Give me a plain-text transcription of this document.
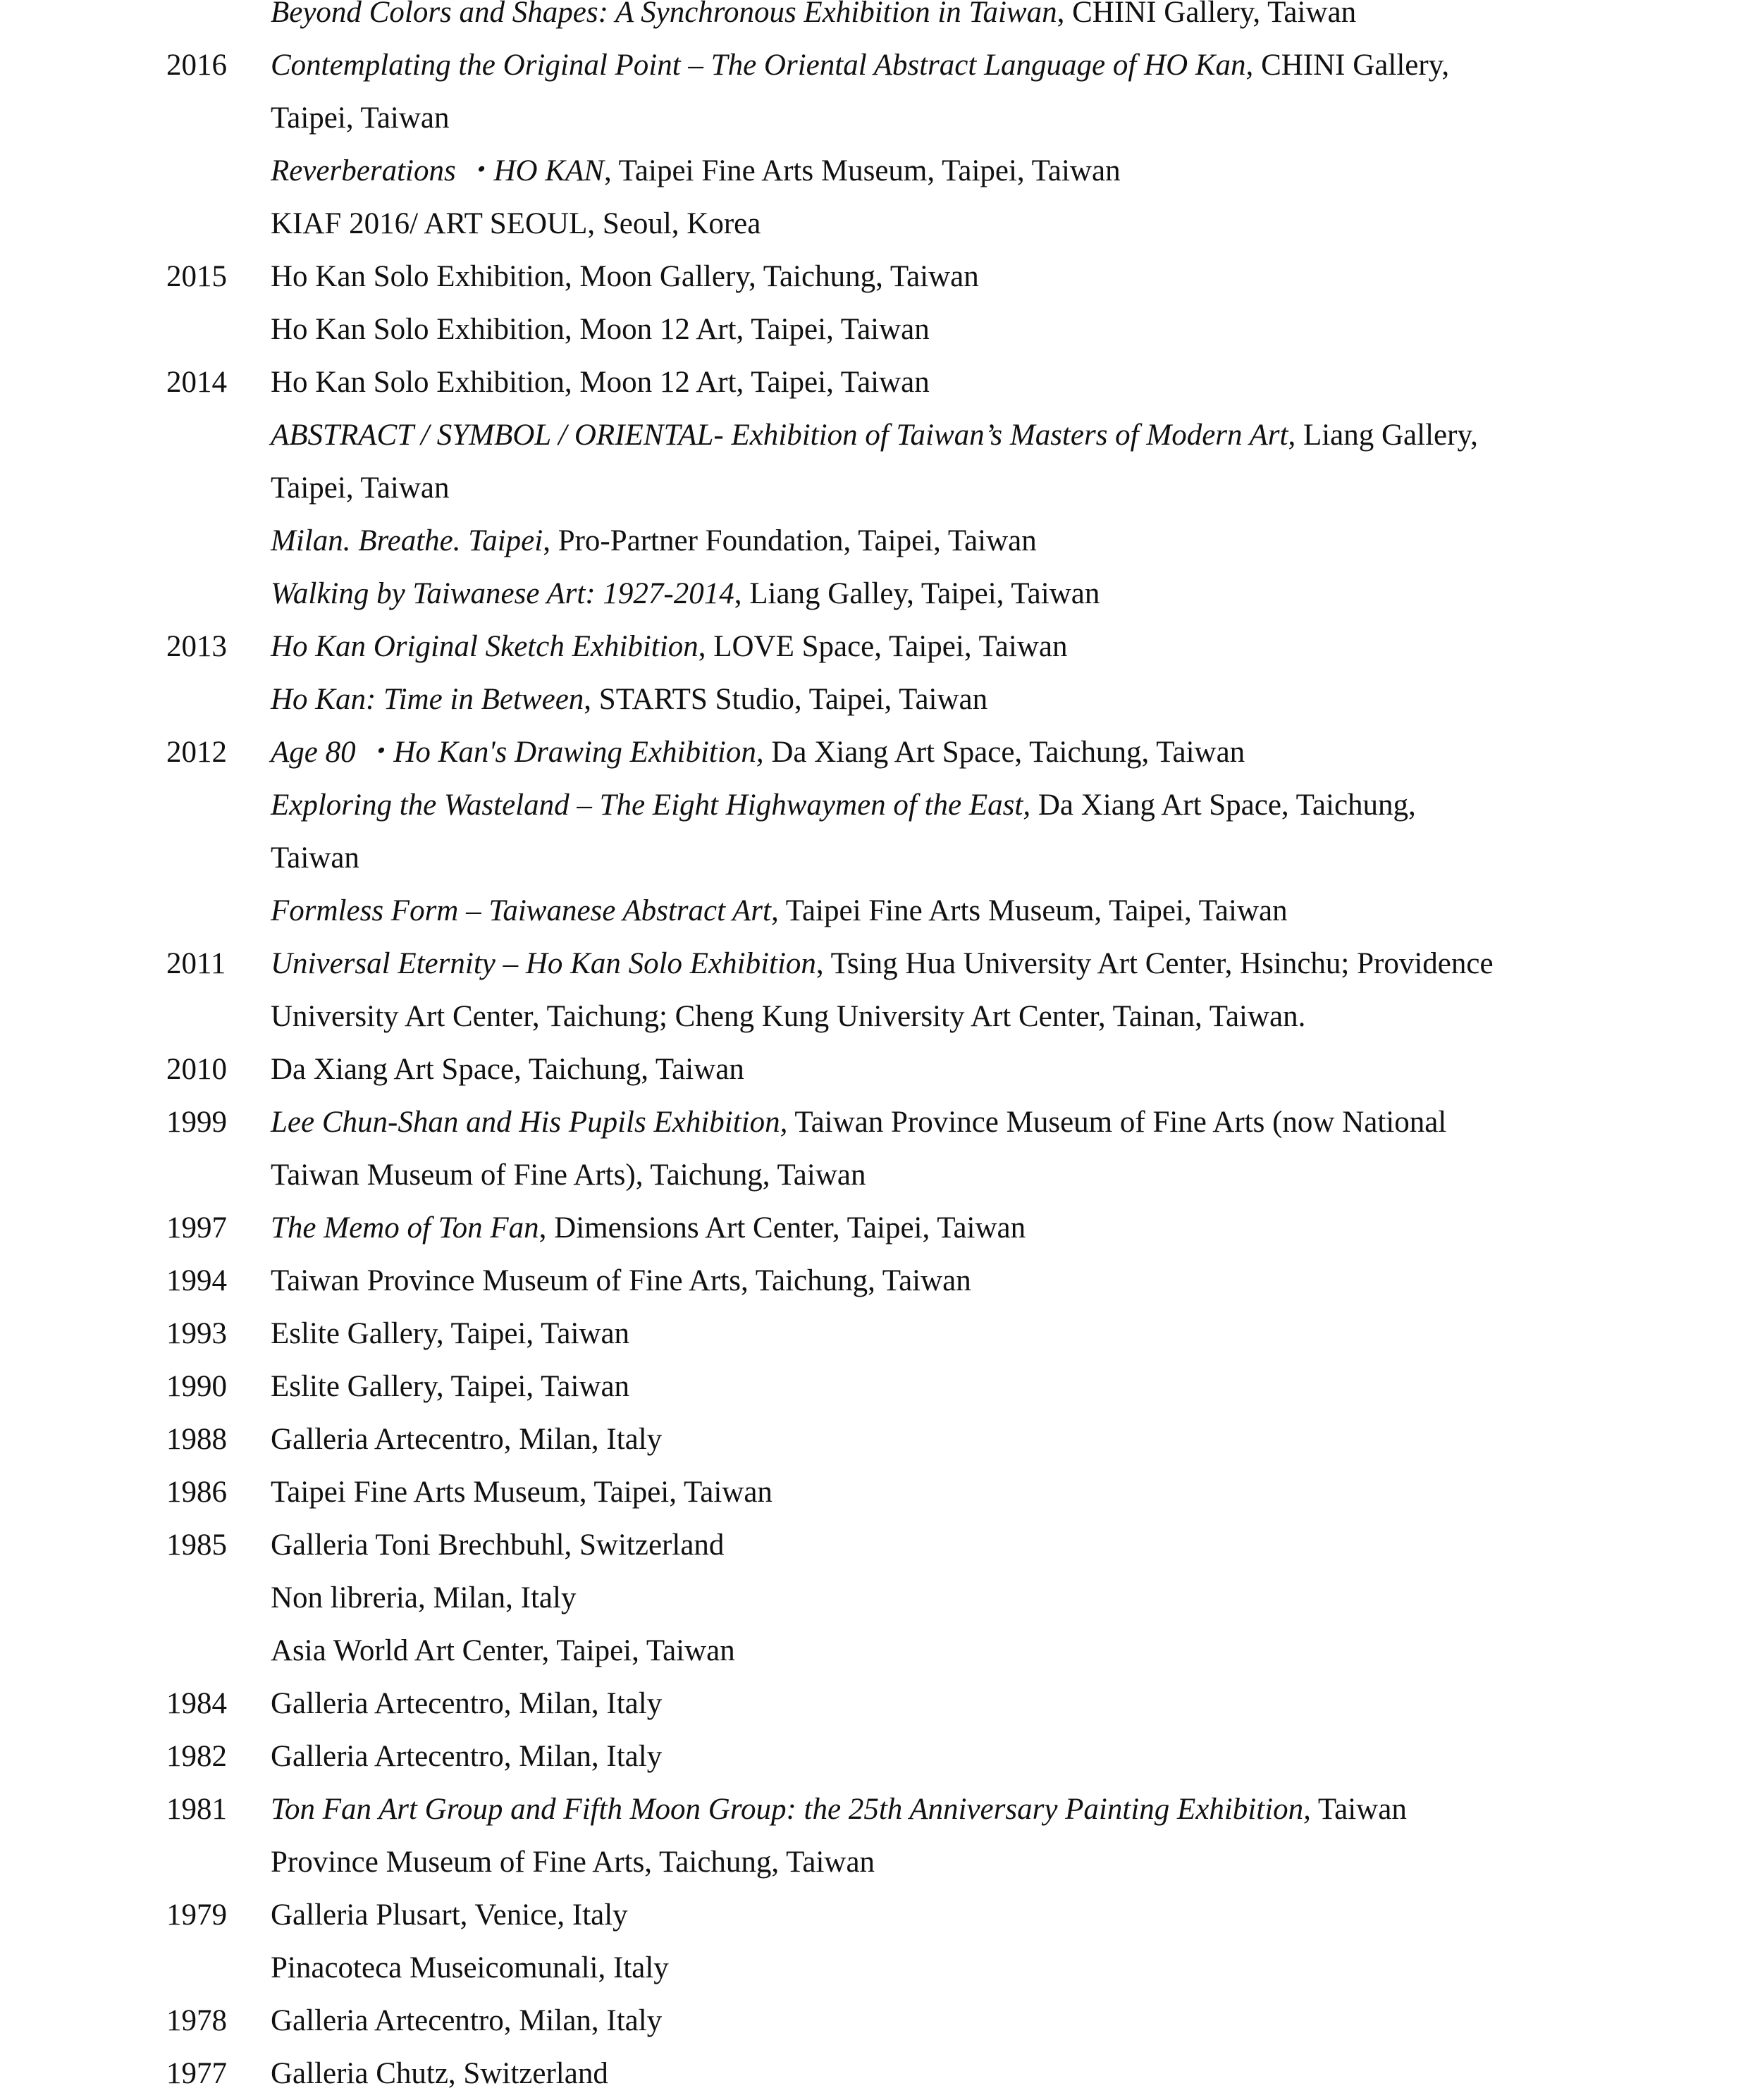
Beyond Colors and Shapes: A Synchronous Exhibition in Taiwan, CHINI Gallery, Taiwan
2016 Contemplating the Original Point – The Oriental Abstract Language of HO Kan, CHINI Gallery,
Taipei, Taiwan
Reverberations ・HO KAN, Taipei Fine Arts Museum, Taipei, Taiwan
KIAF 2016/ ART SEOUL, Seoul, Korea
2015 Ho Kan Solo Exhibition, Moon Gallery, Taichung, Taiwan
Ho Kan Solo Exhibition, Moon 12 Art, Taipei, Taiwan
2014 Ho Kan Solo Exhibition, Moon 12 Art, Taipei, Taiwan
ABSTRACT / SYMBOL / ORIENTAL- Exhibition of Taiwan’s Masters of Modern Art, Liang Gallery,
Taipei, Taiwan
Milan. Breathe. Taipei, Pro-Partner Foundation, Taipei, Taiwan
Walking by Taiwanese Art: 1927-2014, Liang Galley, Taipei, Taiwan
2013 Ho Kan Original Sketch Exhibition, LOVE Space, Taipei, Taiwan
Ho Kan: Time in Between, STARTS Studio, Taipei, Taiwan
2012 Age 80 ・Ho Kan's Drawing Exhibition, Da Xiang Art Space, Taichung, Taiwan
Exploring the Wasteland – The Eight Highwaymen of the East, Da Xiang Art Space, Taichung,
Taiwan
Formless Form – Taiwanese Abstract Art, Taipei Fine Arts Museum, Taipei, Taiwan
2011 Universal Eternity – Ho Kan Solo Exhibition, Tsing Hua University Art Center, Hsinchu; Providence
University Art Center, Taichung; Cheng Kung University Art Center, Tainan, Taiwan.
2010 Da Xiang Art Space, Taichung, Taiwan
1999 Lee Chun-Shan and His Pupils Exhibition, Taiwan Province Museum of Fine Arts (now National
Taiwan Museum of Fine Arts), Taichung, Taiwan
1997 The Memo of Ton Fan, Dimensions Art Center, Taipei, Taiwan
1994 Taiwan Province Museum of Fine Arts, Taichung, Taiwan
1993 Eslite Gallery, Taipei, Taiwan
1990 Eslite Gallery, Taipei, Taiwan
1988 Galleria Artecentro, Milan, Italy
1986 Taipei Fine Arts Museum, Taipei, Taiwan
1985 Galleria Toni Brechbuhl, Switzerland
Non libreria, Milan, Italy
Asia World Art Center, Taipei, Taiwan
1984 Galleria Artecentro, Milan, Italy
1982 Galleria Artecentro, Milan, Italy
1981 Ton Fan Art Group and Fifth Moon Group: the 25th Anniversary Painting Exhibition, Taiwan
Province Museum of Fine Arts, Taichung, Taiwan
1979 Galleria Plusart, Venice, Italy
Pinacoteca Museicomunali, Italy
1978 Galleria Artecentro, Milan, Italy
1977 Galleria Chutz, Switzerland
